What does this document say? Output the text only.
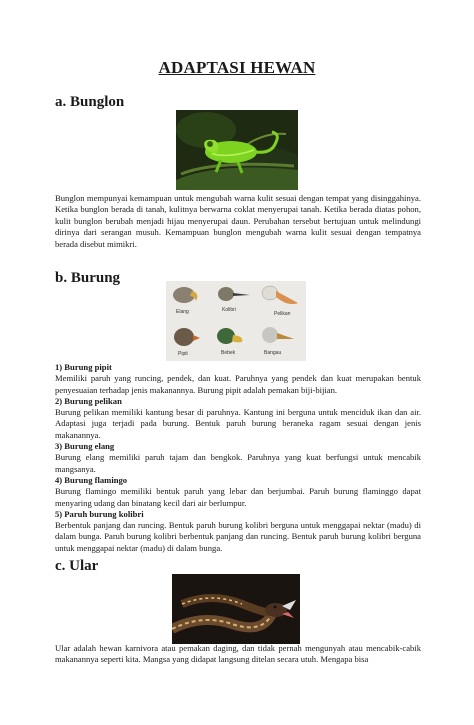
ADAPTASI HEWAN
a. Bunglon

Bunglon mempunyai kemampuan untuk mengubah warna kulit sesuai dengan tempat yang disinggahinya. Ketika bunglon berada di tanah, kulitnya berwarna coklat menyerupai tanah. Ketika berada diatas pohon, kulit bunglon berubah menjadi hijau menyerupai daun. Perubahan tersebut bertujuan untuk melindungi dirinya dari serangan musuh. Kemampuan bunglon mengubah warna kulit sesuai dengan tempatnya berada disebut mimikri.

b. Burung
Elang	Kolibri
Pelikan
Pipit	Bebek	Bangau
1) Burung pipit

Memiliki paruh yang runcing, pendek, dan kuat. Paruhnya yang pendek dan kuat merupakan bentuk penyesuaian terhadap jenis makanannya. Burung pipit adalah pemakan biji-bijian.

2) Burung pelikan

Burung pelikan memiliki kantung besar di paruhnya. Kantung ini berguna untuk menciduk ikan dan air. Adaptasi juga terjadi pada burung. Bentuk paruh burung beraneka ragam sesuai dengan jenis makanannya.

3) Burung elang

Burung elang memiliki paruh tajam dan bengkok. Paruhnya yang kuat berfungsi untuk mencabik mangsanya.

4) Burung flamingo

Burung flamingo memiliki bentuk paruh yang lebar dan berjumbai. Paruh burung flaminggo dapat menyaring udang dan binatang kecil dari air berlumpur.

5) Paruh burung kolibri

Berbentuk panjang dan runcing. Bentuk paruh burung kolibri berguna untuk menggapai nektar (madu) di dalam bunga. Paruh burung kolibri berbentuk panjang dan runcing. Bentuk paruh burung kolibri berguna untuk menggapai nektar (madu) di dalam bunga.

c. Ular

Ular adalah hewan karnivora atau pemakan daging, dan tidak pernah mengunyah atau mencabik-cabik makanannya seperti kita. Mangsa yang didapat langsung ditelan secara utuh. Mengapa bisa
